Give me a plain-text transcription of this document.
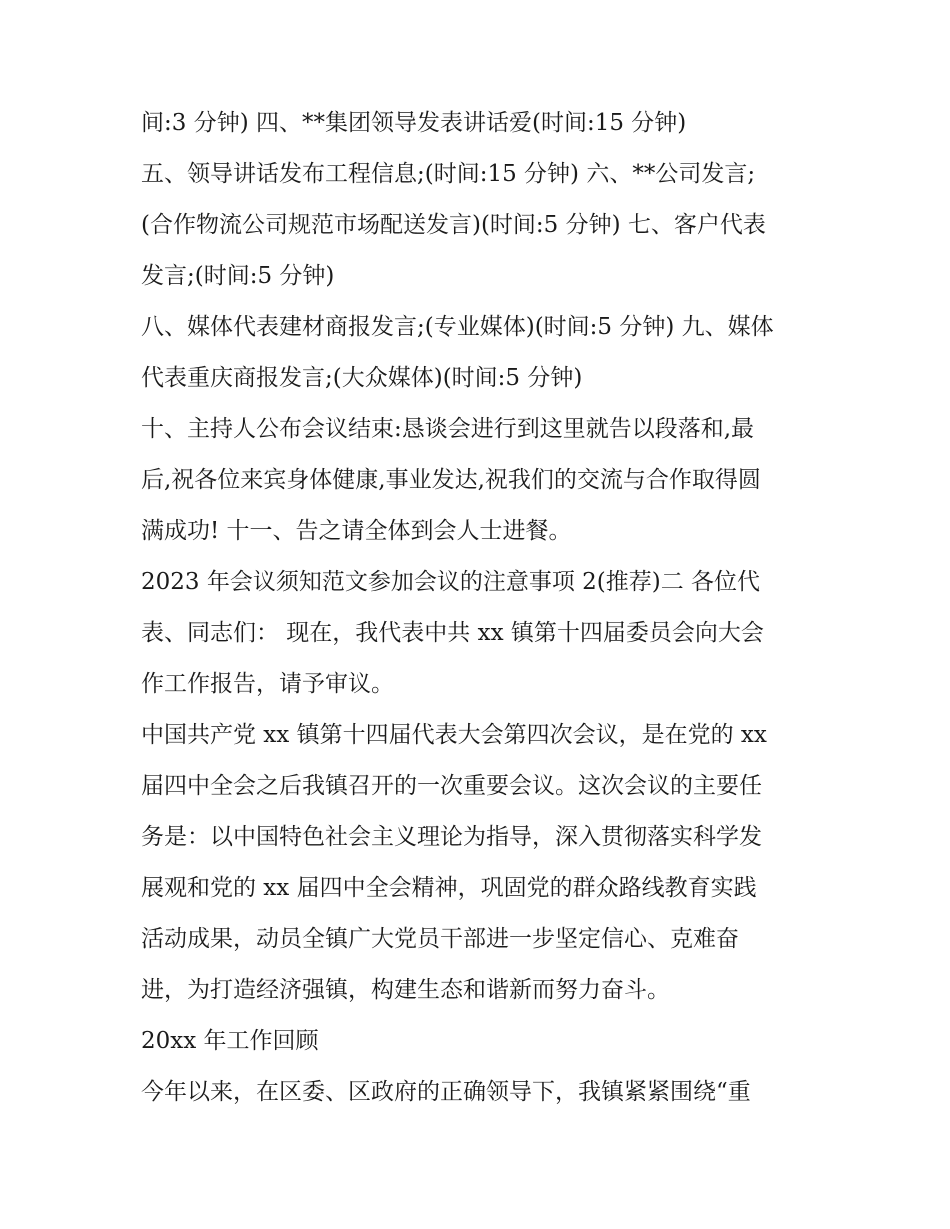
间:3 分钟) 四、**集团领导发表讲话爱(时间:15 分钟)
五、领导讲话发布工程信息;(时间:15 分钟) 六、**公司发言;
(合作物流公司规范市场配送发言)(时间:5 分钟) 七、客户代表
发言;(时间:5 分钟)
八、媒体代表建材商报发言;(专业媒体)(时间:5 分钟) 九、媒体
代表重庆商报发言;(大众媒体)(时间:5 分钟)
十、主持人公布会议结束:恳谈会进行到这里就告以段落和,最
后,祝各位来宾身体健康,事业发达,祝我们的交流与合作取得圆
满成功! 十一、告之请全体到会人士进餐。
2023 年会议须知范文参加会议的注意事项 2(推荐)二 各位代
表、同志们： 现在，我代表中共 xx 镇第十四届委员会向大会
作工作报告，请予审议。
中国共产党 xx 镇第十四届代表大会第四次会议，是在党的 xx
届四中全会之后我镇召开的一次重要会议。这次会议的主要任
务是：以中国特色社会主义理论为指导，深入贯彻落实科学发
展观和党的 xx 届四中全会精神，巩固党的群众路线教育实践
活动成果，动员全镇广大党员干部进一步坚定信心、克难奋
进，为打造经济强镇，构建生态和谐新而努力奋斗。
20xx 年工作回顾
今年以来，在区委、区政府的正确领导下，我镇紧紧围绕“重
